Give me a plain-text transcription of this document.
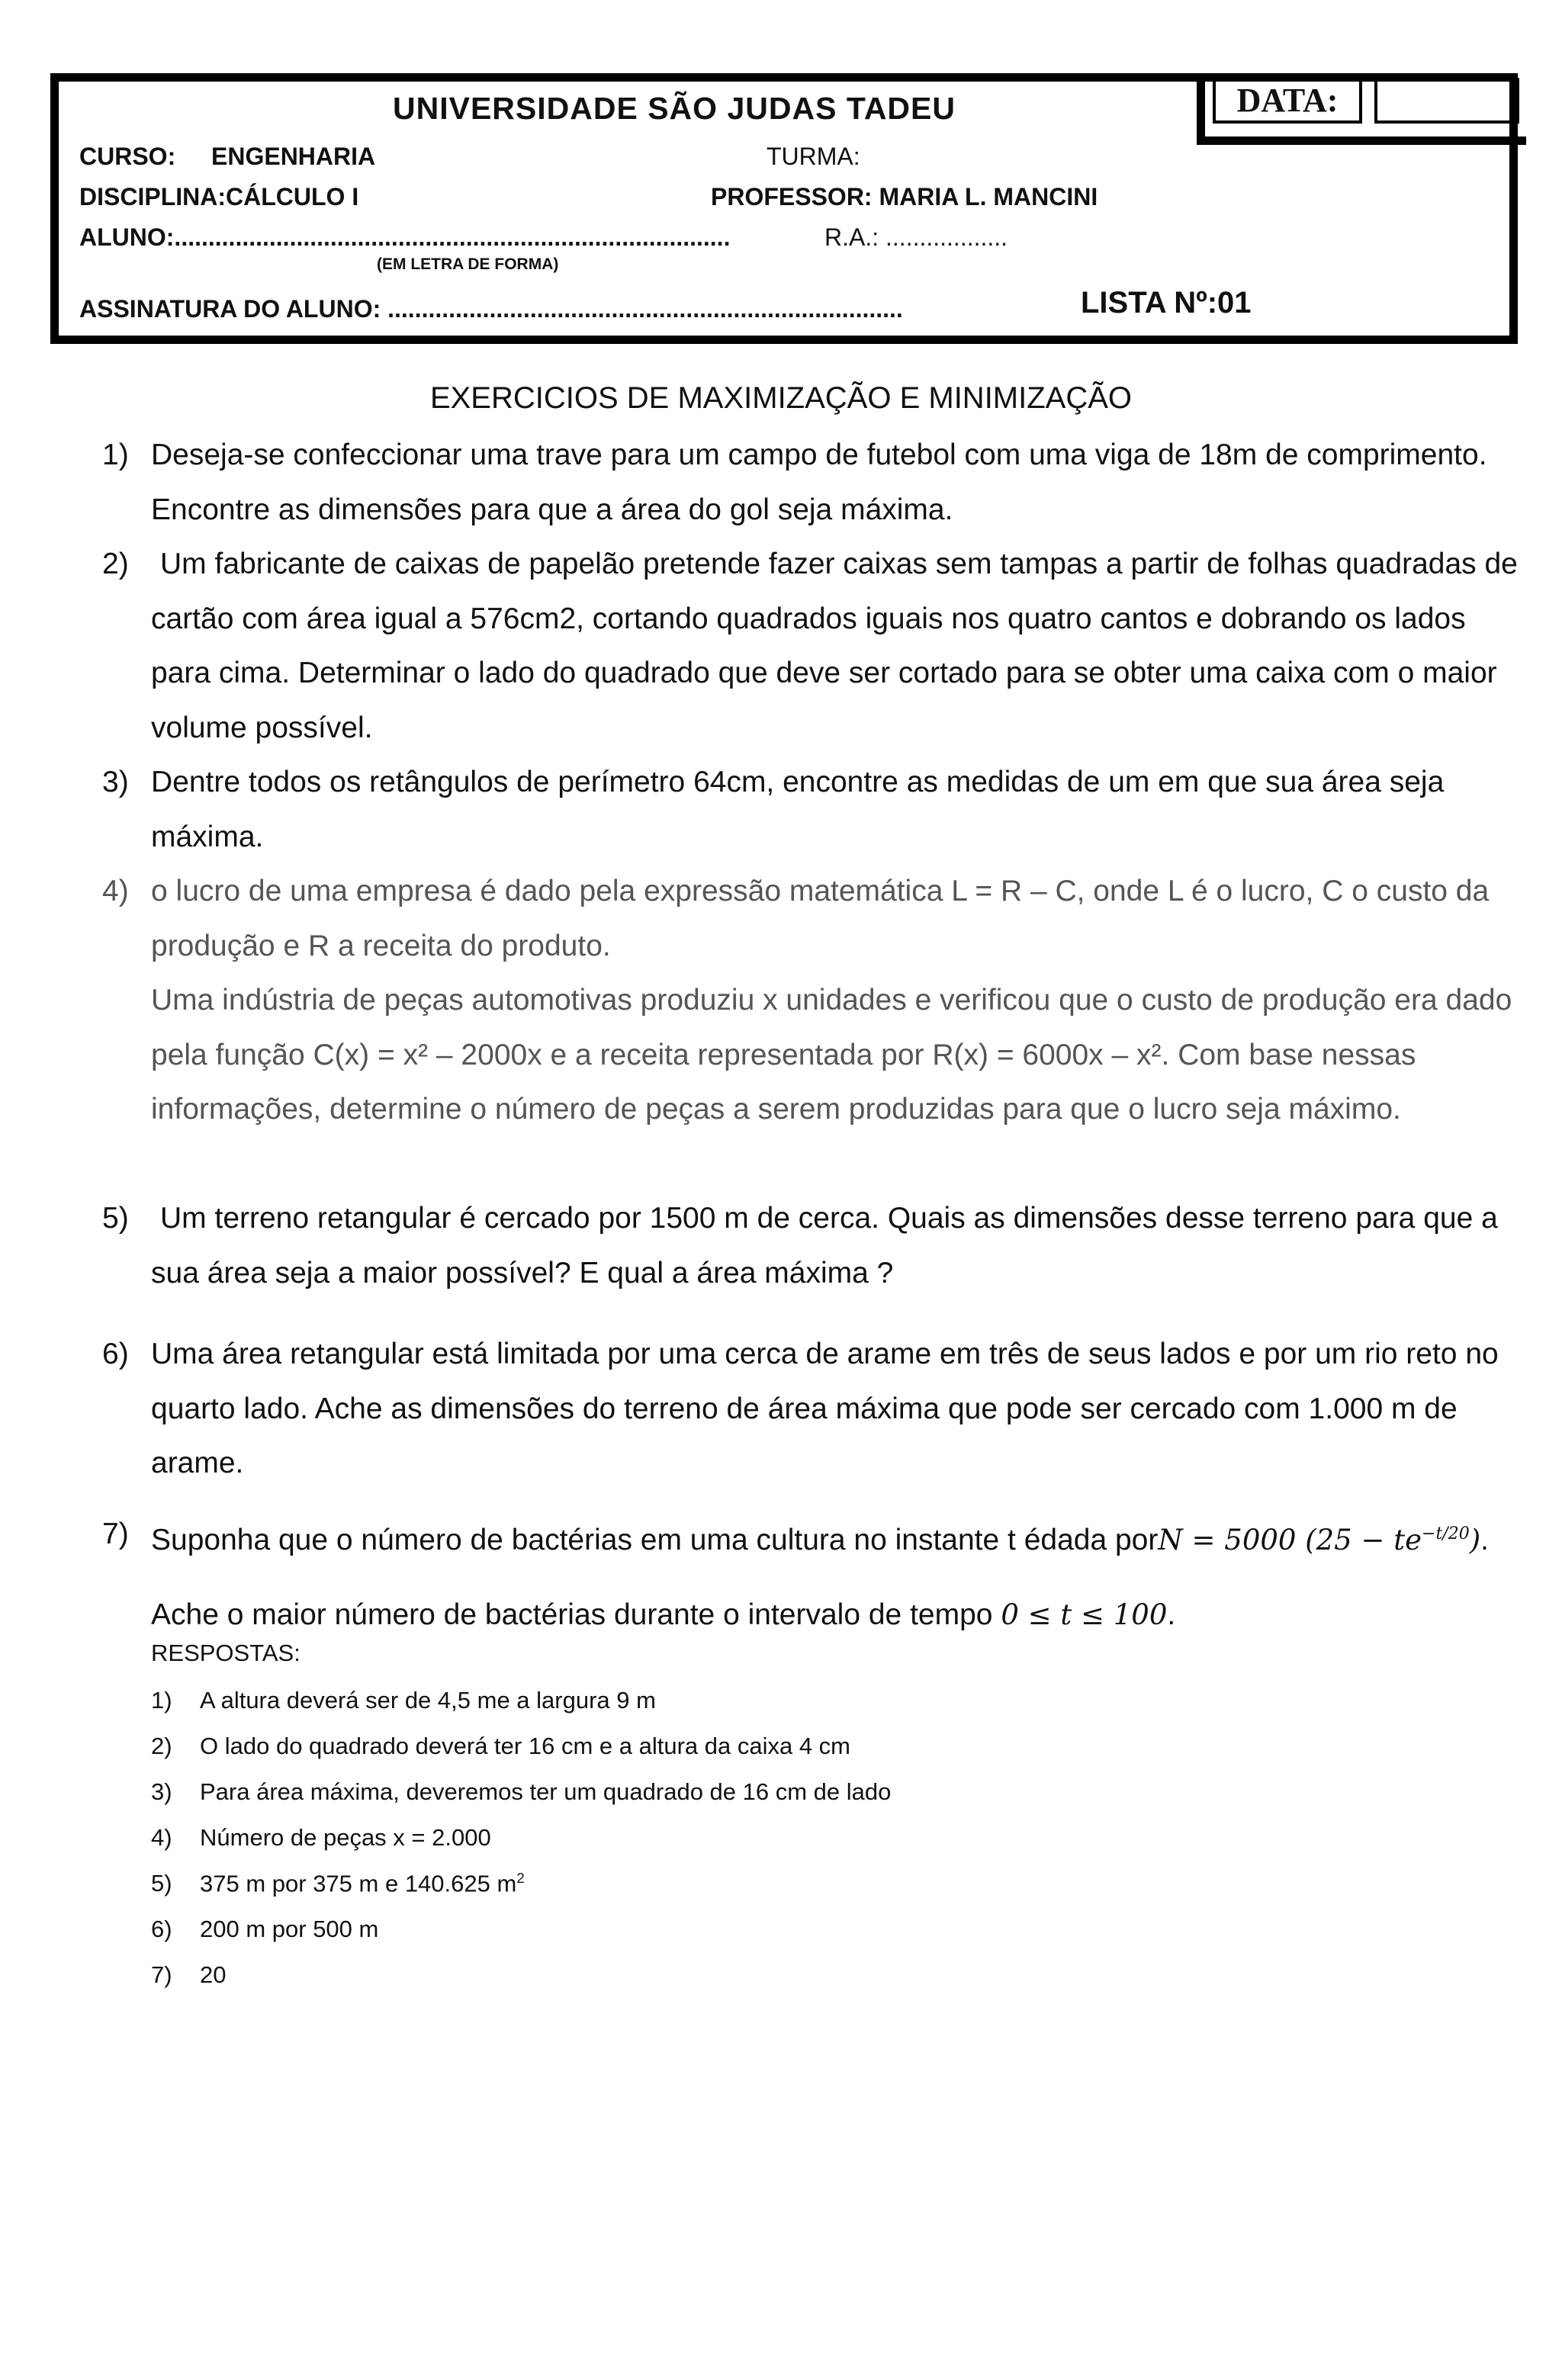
UNIVERSIDADE SÃO JUDAS TADEU	DATA:
CURSO: ENGENHARIA	TURMA:
DISCIPLINA:CÁLCULO I	PROFESSOR: MARIA L. MANCINI
ALUNO:..................................................................................	R.A.: ..................
(EM LETRA DE FORMA)
ASSINATURA DO ALUNO: ............................................................................	LISTA Nº:01
EXERCICIOS DE MAXIMIZAÇÃO E MINIMIZAÇÃO
1) Deseja-se confeccionar uma trave para um campo de futebol com uma viga de 18m de comprimento. Encontre as dimensões para que a área do gol seja máxima.
2)	Um fabricante de caixas de papelão pretende fazer caixas sem tampas a partir de folhas quadradas de cartão com área igual a 576cm2, cortando quadrados iguais nos quatro cantos e dobrando os lados para cima. Determinar o lado do quadrado que deve ser cortado para se obter uma caixa com o maior volume possível.
3) Dentre todos os retângulos de perímetro 64cm, encontre as medidas de um em que sua área seja máxima.
4) o lucro de uma empresa é dado pela expressão matemática L = R – C, onde L é o lucro, C o custo da produção e R a receita do produto.
Uma indústria de peças automotivas produziu x unidades e verificou que o custo de produção era dado pela função C(x) = x² – 2000x e a receita representada por R(x) = 6000x – x². Com base nessas informações, determine o número de peças a serem produzidas para que o lucro seja máximo.
5)	Um terreno retangular é cercado por 1500 m de cerca. Quais as dimensões desse terreno para que a sua área seja a maior possível? E qual a área máxima ?
6) Uma área retangular está limitada por uma cerca de arame em três de seus lados e por um rio reto no quarto lado. Ache as dimensões do terreno de área máxima que pode ser cercado com 1.000 m de arame.
7) Suponha que o número de bactérias em uma cultura no instante t édada porN = 5000 $(25 - te^{-t/20})$. Ache o maior número de bactérias durante o intervalo de tempo 0 ≤ t ≤ 100.
RESPOSTAS:
1) A altura deverá ser de 4,5 me a largura 9 m
2) O lado do quadrado deverá ter 16 cm e a altura da caixa 4 cm
3) Para área máxima, deveremos ter um quadrado de 16 cm de lado
4) Número de peças x = 2.000
5) 375 m por 375 m e 140.625 $m^2$
6) 200 m por 500 m
7) 20
